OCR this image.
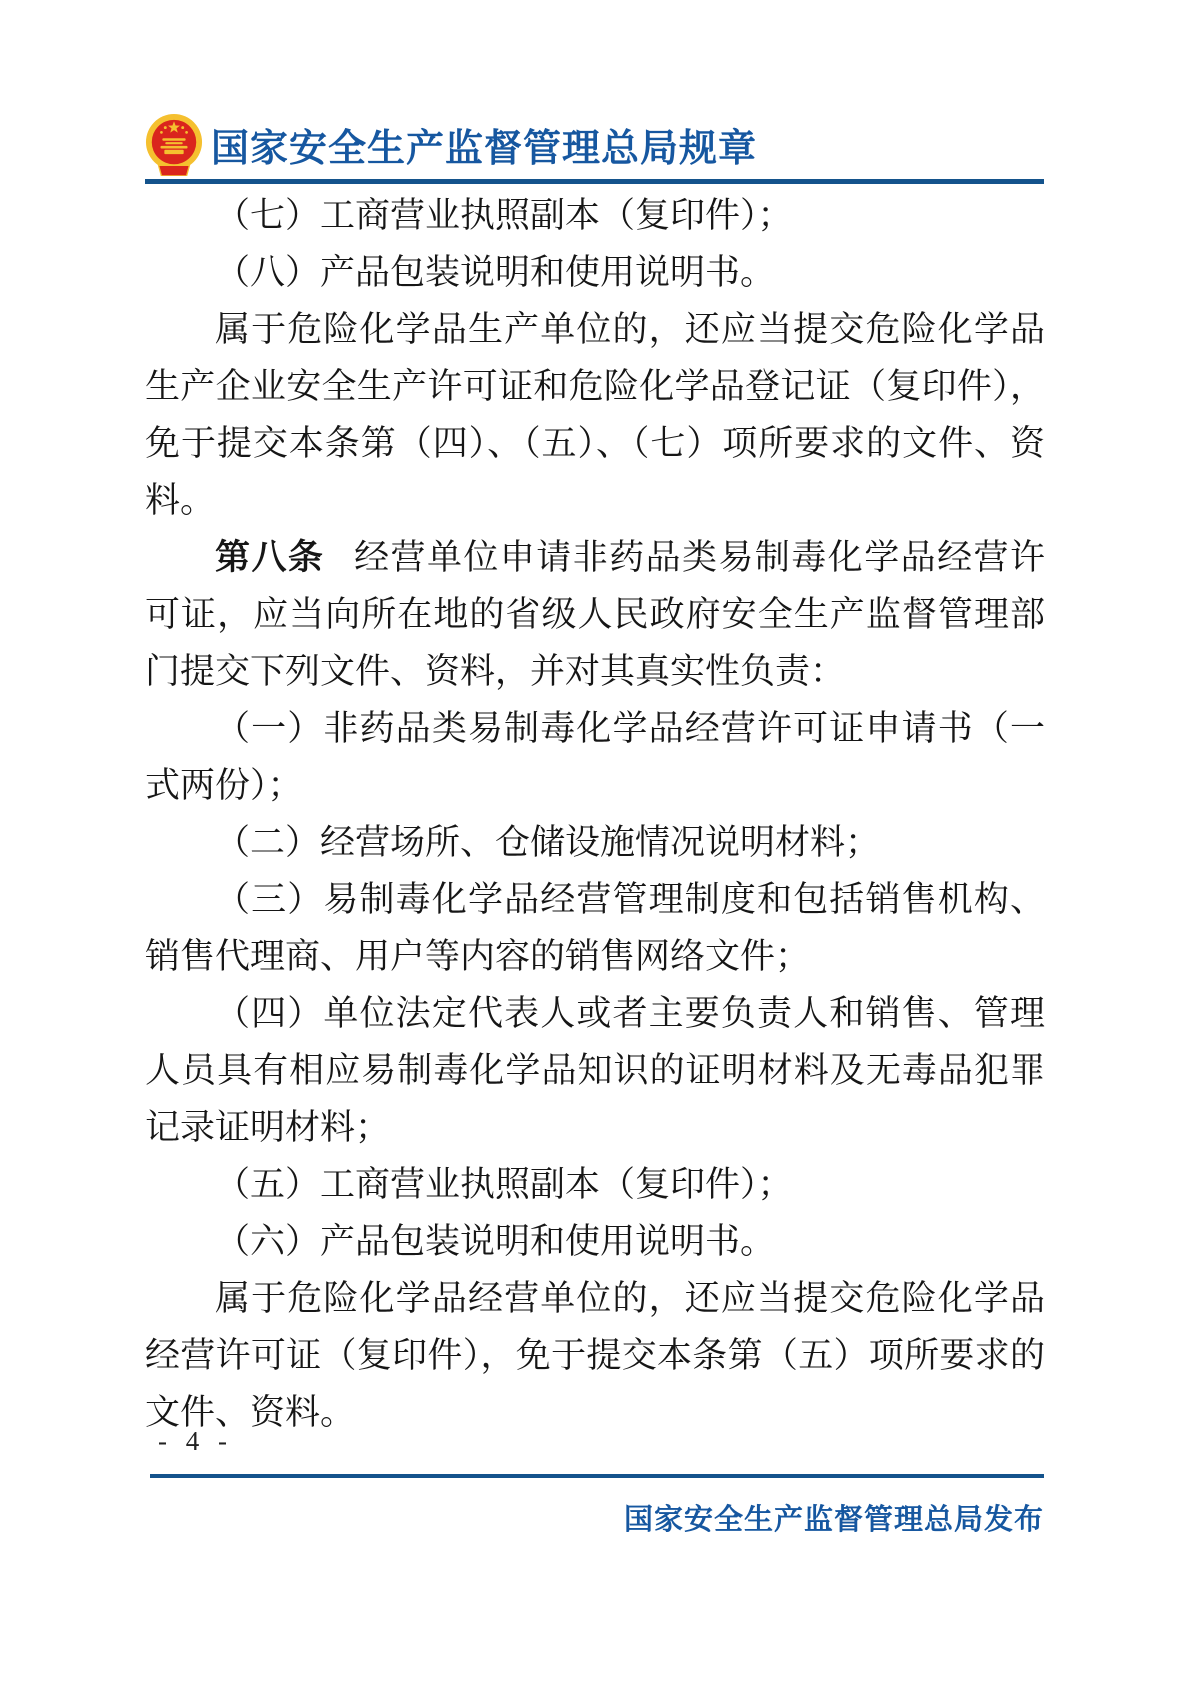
国家安全生产监督管理总局规章

（七）工商营业执照副本（复印件）；

（八）产品包装说明和使用说明书。

属于危险化学品生产单位的，还应当提交危险化学品生产企业安全生产许可证和危险化学品登记证（复印件），免于提交本条第（四）、（五）、（七）项所要求的文件、资料。

第八条 经营单位申请非药品类易制毒化学品经营许可证，应当向所在地的省级人民政府安全生产监督管理部门提交下列文件、资料，并对其真实性负责：

（一）非药品类易制毒化学品经营许可证申请书（一式两份）；

（二）经营场所、仓储设施情况说明材料；

（三）易制毒化学品经营管理制度和包括销售机构、销售代理商、用户等内容的销售网络文件；

（四）单位法定代表人或者主要负责人和销售、管理人员具有相应易制毒化学品知识的证明材料及无毒品犯罪记录证明材料；

（五）工商营业执照副本（复印件）；

（六）产品包装说明和使用说明书。

属于危险化学品经营单位的，还应当提交危险化学品经营许可证（复印件），免于提交本条第（五）项所要求的文件、资料。

- 4 -
国家安全生产监督管理总局发布
